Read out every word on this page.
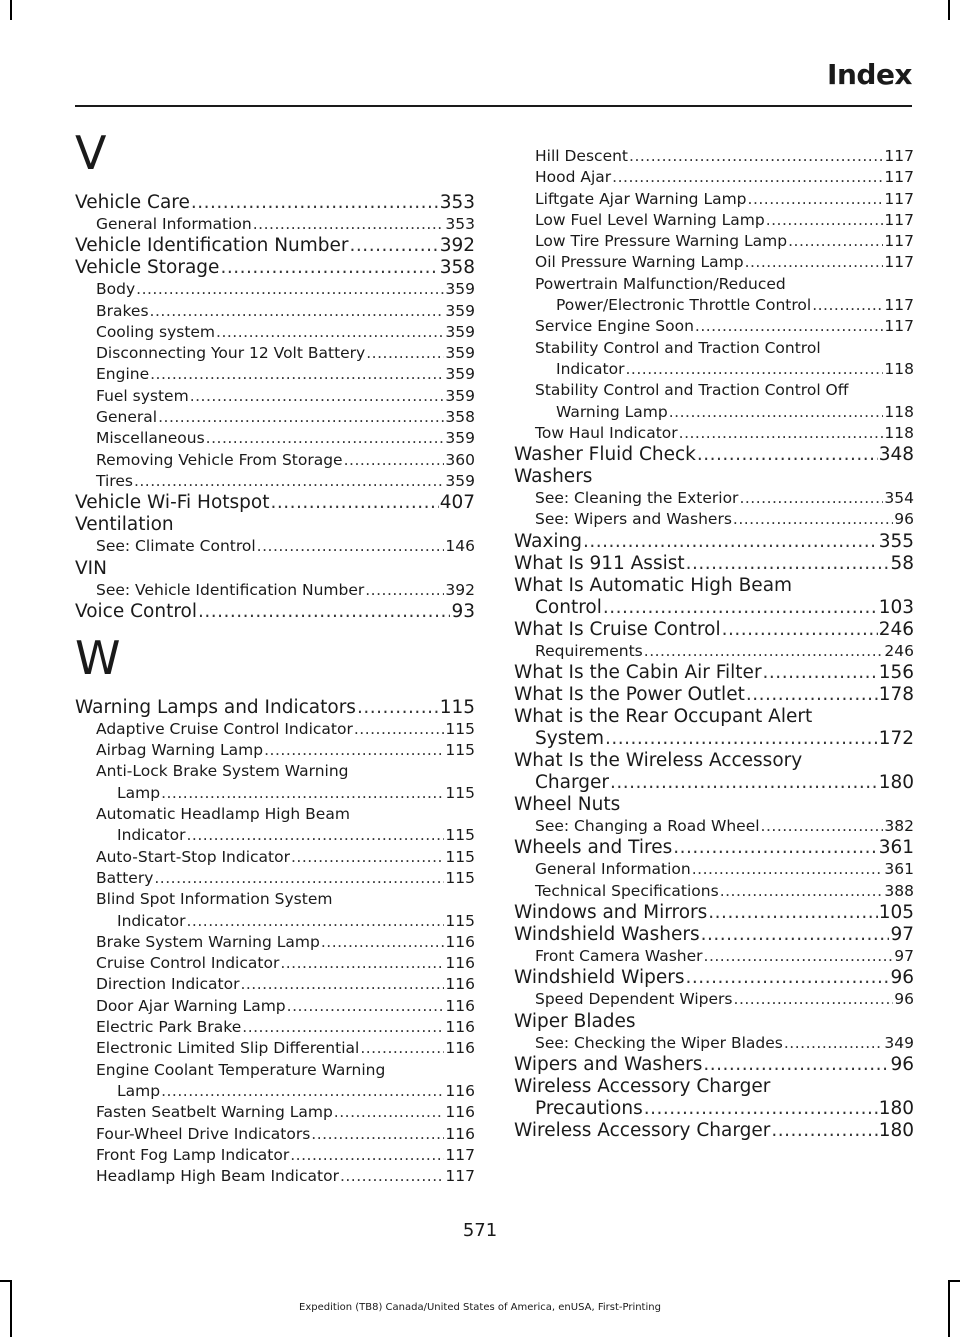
Index
V
Vehicle Care .....	353
General Information .....	353
Vehicle Identification Number .....	392
Vehicle Storage .....	358
Body .....	359
Brakes .....	359
Cooling system .....	359
Disconnecting Your 12 Volt Battery .....	359
Engine .....	359
Fuel system .....	359
General .....	358
Miscellaneous .....	359
Removing Vehicle From Storage .....	360
Tires .....	359
Vehicle Wi-Fi Hotspot .....	407
Ventilation
See: Climate Control .....	146
VIN
See: Vehicle Identification Number .....	392
Voice Control .....	93
W
Warning Lamps and Indicators .....	115
Adaptive Cruise Control Indicator .....	115
Airbag Warning Lamp .....	115
Anti-Lock Brake System Warning
Lamp .....	115
Automatic Headlamp High Beam
Indicator .....	115
Auto-Start-Stop Indicator .....	115
Battery .....	115
Blind Spot Information System
Indicator .....	115
Brake System Warning Lamp .....	116
Cruise Control Indicator .....	116
Direction Indicator .....	116
Door Ajar Warning Lamp .....	116
Electric Park Brake .....	116
Electronic Limited Slip Differential .....	116
Engine Coolant Temperature Warning
Lamp .....	116
Fasten Seatbelt Warning Lamp .....	116
Four-Wheel Drive Indicators .....	116
Front Fog Lamp Indicator .....	117
Headlamp High Beam Indicator .....	117
Hill Descent .....	117
Hood Ajar .....	117
Liftgate Ajar Warning Lamp .....	117
Low Fuel Level Warning Lamp .....	117
Low Tire Pressure Warning Lamp .....	117
Oil Pressure Warning Lamp .....	117
Powertrain Malfunction/Reduced
Power/Electronic Throttle Control .....	117
Service Engine Soon .....	117
Stability Control and Traction Control
Indicator .....	118
Stability Control and Traction Control Off
Warning Lamp .....	118
Tow Haul Indicator .....	118
Washer Fluid Check .....	348
Washers
See: Cleaning the Exterior .....	354
See: Wipers and Washers .....	96
Waxing .....	355
What Is 911 Assist .....	58
What Is Automatic High Beam
Control .....	103
What Is Cruise Control .....	246
Requirements .....	246
What Is the Cabin Air Filter .....	156
What Is the Power Outlet .....	178
What is the Rear Occupant Alert
System .....	172
What Is the Wireless Accessory
Charger .....	180
Wheel Nuts
See: Changing a Road Wheel .....	382
Wheels and Tires .....	361
General Information .....	361
Technical Specifications .....	388
Windows and Mirrors .....	105
Windshield Washers .....	97
Front Camera Washer .....	97
Windshield Wipers .....	96
Speed Dependent Wipers .....	96
Wiper Blades
See: Checking the Wiper Blades .....	349
Wipers and Washers .....	96
Wireless Accessory Charger
Precautions .....	180
Wireless Accessory Charger .....	180
571
Expedition (TB8) Canada/United States of America, enUSA, First-Printing
